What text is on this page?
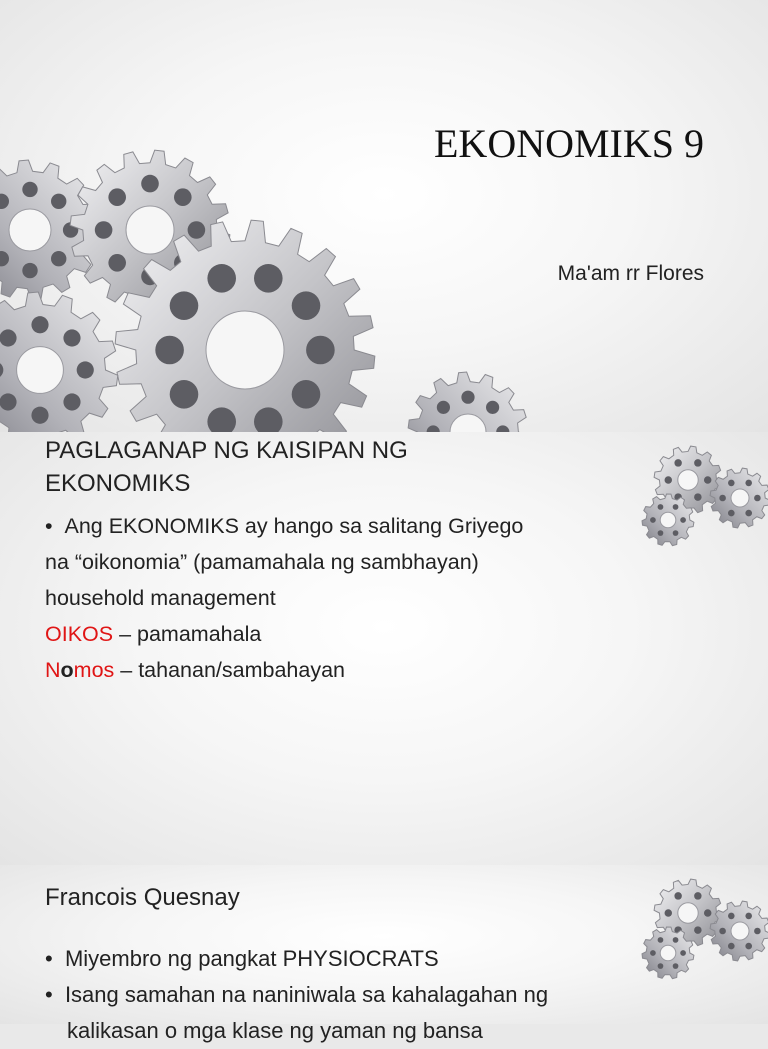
EKONOMIKS 9
Ma'am rr Flores
PAGLAGANAP NG KAISIPAN NG
EKONOMIKS
• Ang EKONOMIKS ay hango sa salitang Griyego
na “oikonomia” (pamamahala ng sambhayan)
household management
OIKOS – pamamahala
Nomos – tahanan/sambahayan
Francois Quesnay
• Miyembro ng pangkat PHYSIOCRATS
• Isang samahan na naniniwala sa kahalagahan ng
kalikasan o mga klase ng yaman ng bansa
